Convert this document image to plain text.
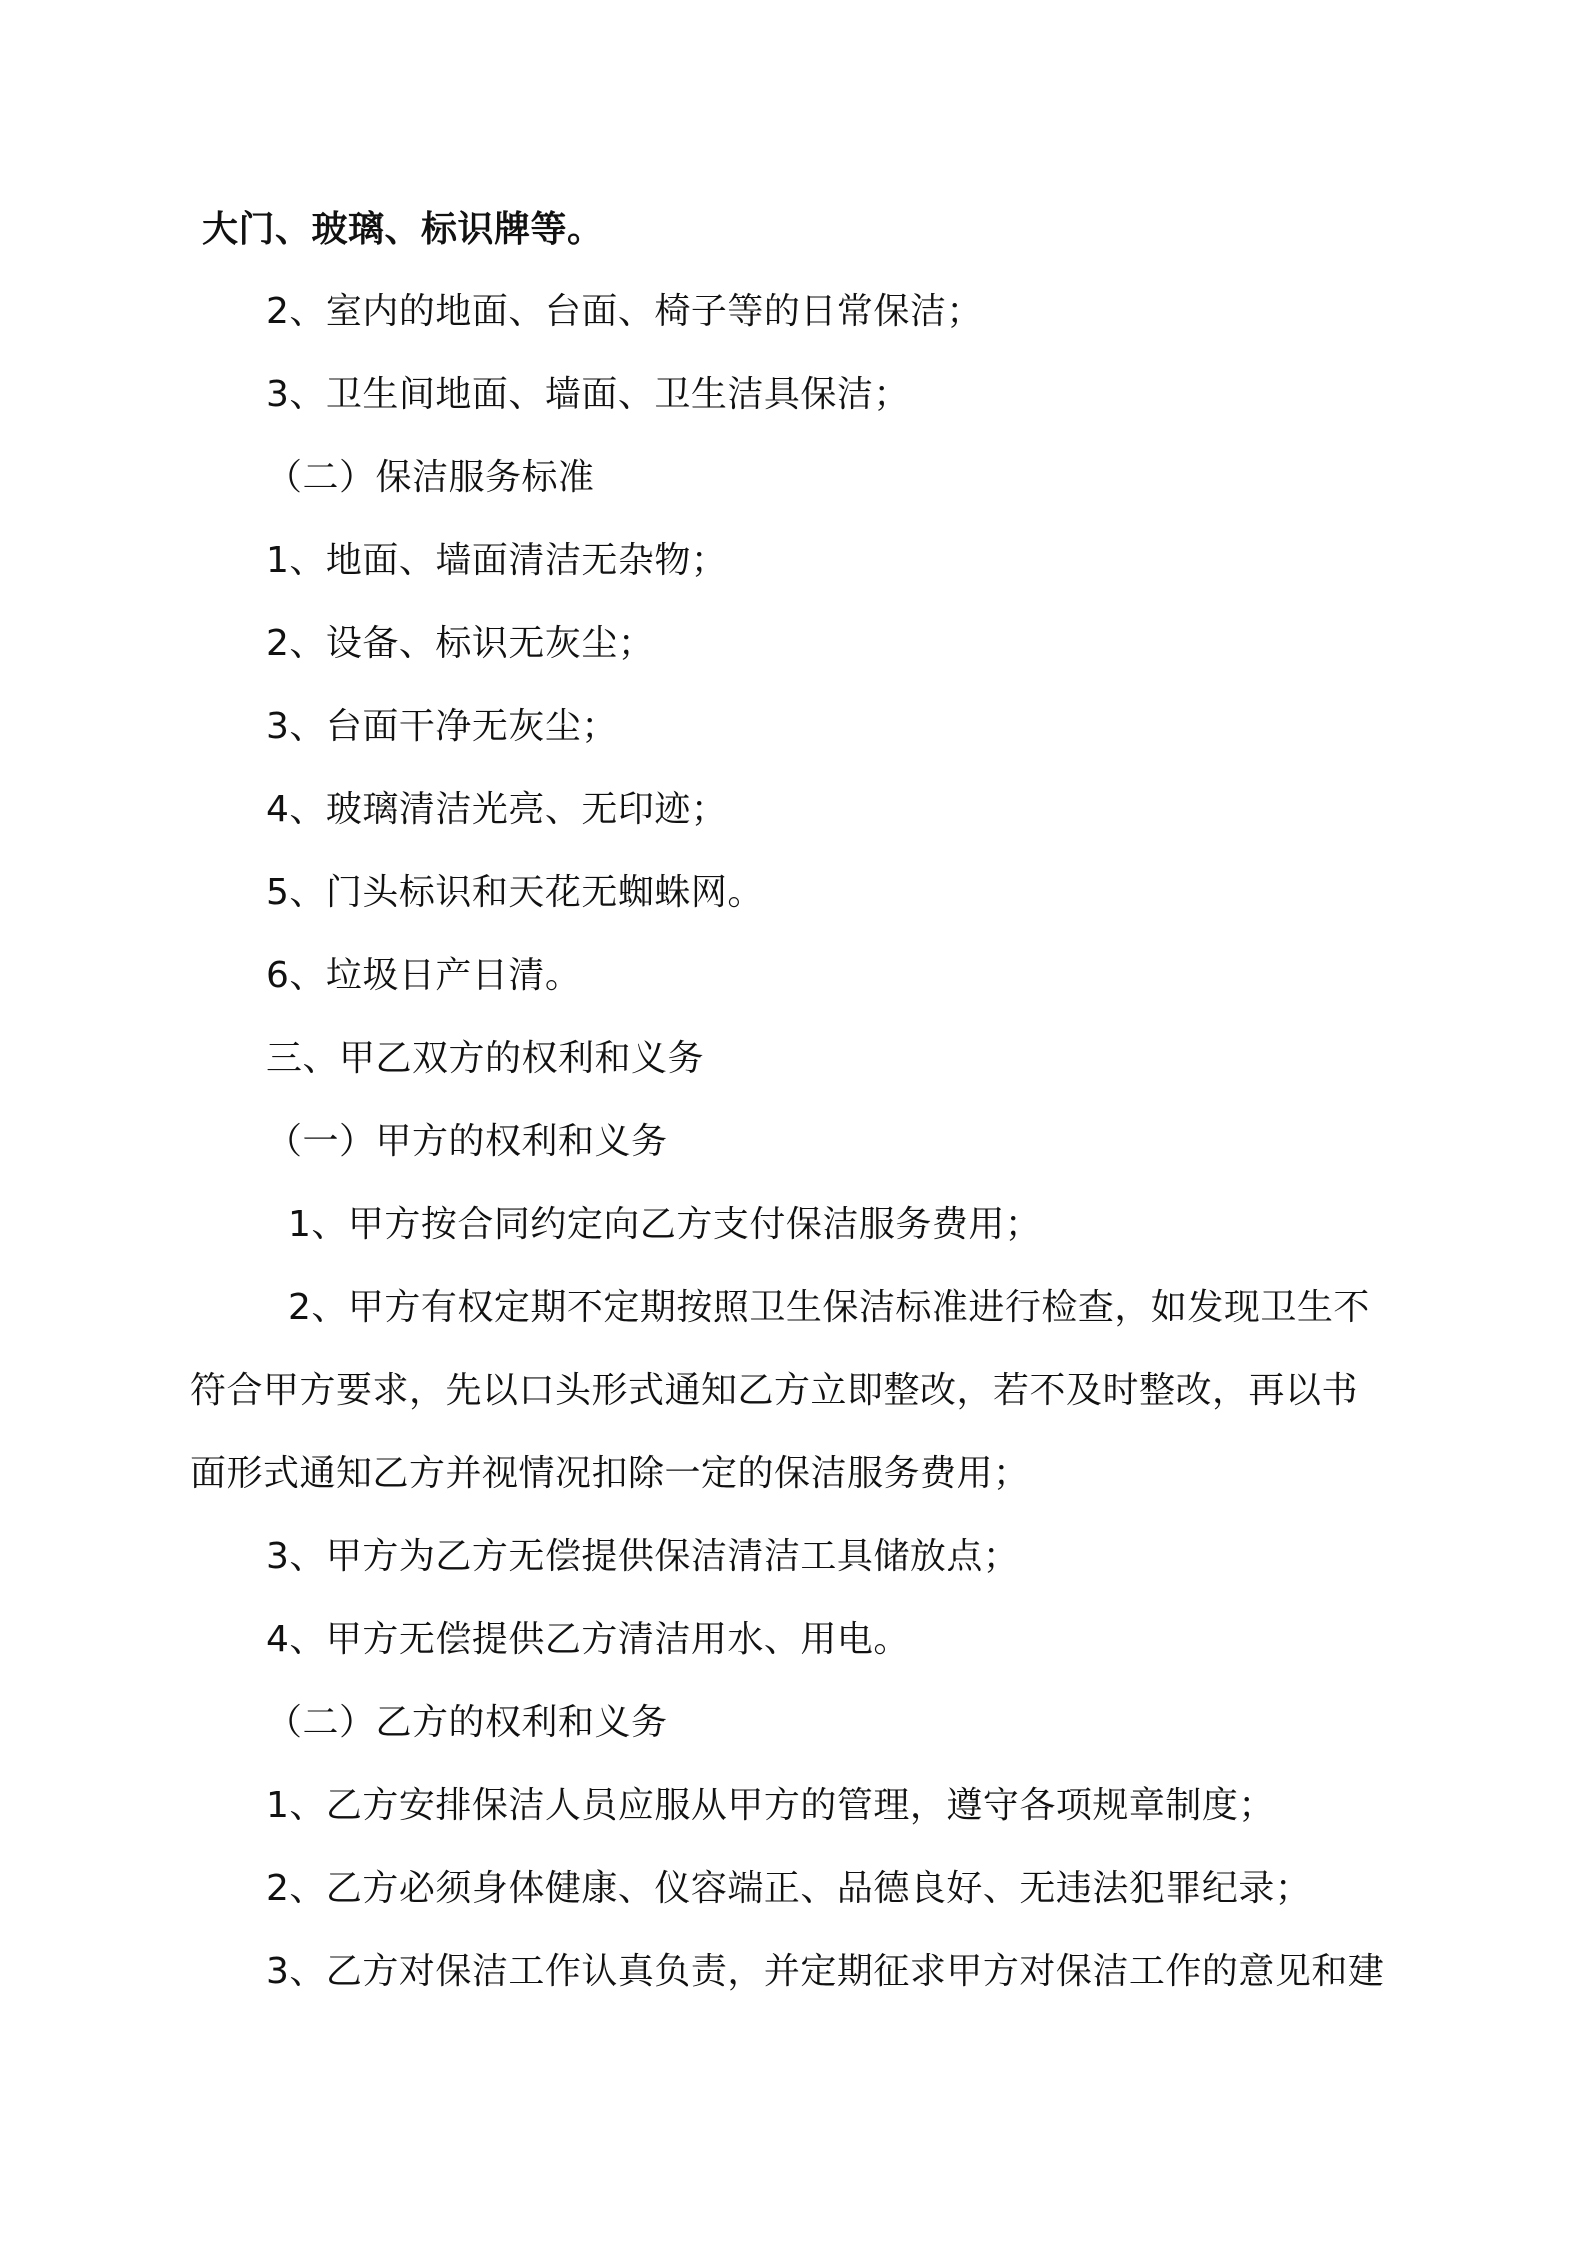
大门、玻璃、标识牌等。
2、室内的地面、台面、椅子等的日常保洁；
3、卫生间地面、墙面、卫生洁具保洁；
（二）保洁服务标准
1、地面、墙面清洁无杂物；
2、设备、标识无灰尘；
3、台面干净无灰尘；
4、玻璃清洁光亮、无印迹；
5、门头标识和天花无蜘蛛网。
6、垃圾日产日清。
三、甲乙双方的权利和义务
（一）甲方的权利和义务
1、甲方按合同约定向乙方支付保洁服务费用；
2、甲方有权定期不定期按照卫生保洁标准进行检查，如发现卫生不
符合甲方要求，先以口头形式通知乙方立即整改，若不及时整改，再以书
面形式通知乙方并视情况扣除一定的保洁服务费用；
3、甲方为乙方无偿提供保洁清洁工具储放点；
4、甲方无偿提供乙方清洁用水、用电。
（二）乙方的权利和义务
1、乙方安排保洁人员应服从甲方的管理，遵守各项规章制度；
2、乙方必须身体健康、仪容端正、品德良好、无违法犯罪纪录；
3、乙方对保洁工作认真负责，并定期征求甲方对保洁工作的意见和建
